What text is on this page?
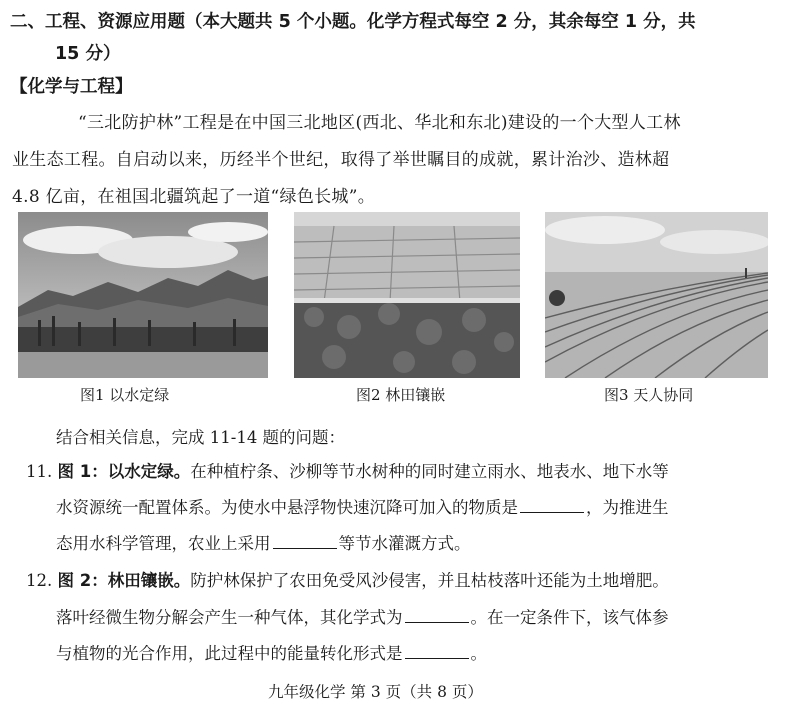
二、工程、资源应用题（本大题共 5 个小题。化学方程式每空 2 分，其余每空 1 分，共
15 分）
【化学与工程】
“三北防护林”工程是在中国三北地区(西北、华北和东北)建设的一个大型人工林
业生态工程。自启动以来，历经半个世纪，取得了举世瞩目的成就，累计治沙、造林超
4.8 亿亩，在祖国北疆筑起了一道“绿色长城”。
图1 以水定绿	图2 林田镶嵌	图3 天人协同
结合相关信息，完成 11-14 题的问题：
11. 图 1：以水定绿。在种植柠条、沙柳等节水树种的同时建立雨水、地表水、地下水等
水资源统一配置体系。为使水中悬浮物快速沉降可加入的物质是	，为推进生
态用水科学管理，农业上采用	等节水灌溉方式。
12. 图 2：林田镶嵌。防护林保护了农田免受风沙侵害，并且枯枝落叶还能为土地增肥。
落叶经微生物分解会产生一种气体，其化学式为	。在一定条件下，该气体参
与植物的光合作用，此过程中的能量转化形式是	。
九年级化学 第 3 页（共 8 页）
